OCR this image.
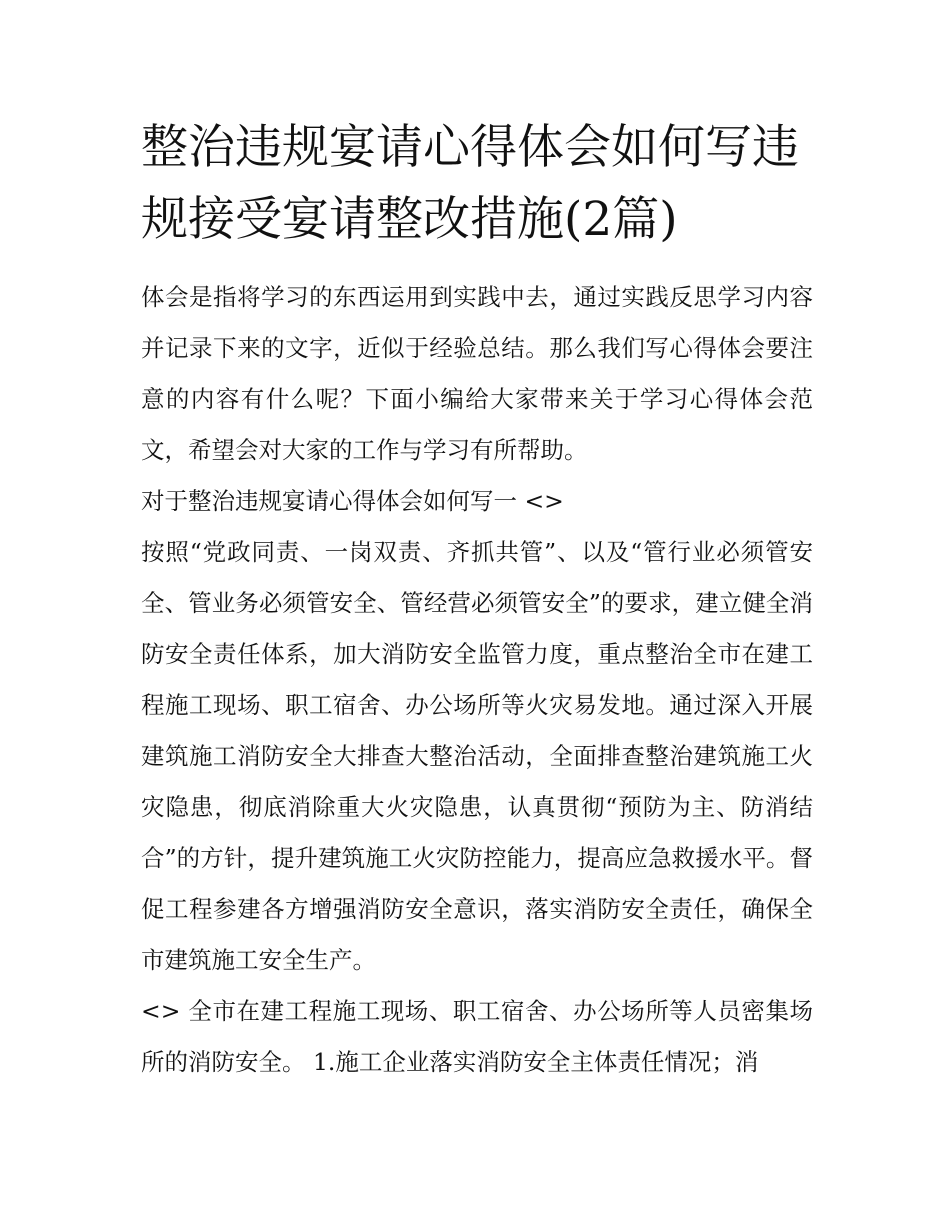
整治违规宴请心得体会如何写违规接受宴请整改措施(2篇)

体会是指将学习的东西运用到实践中去，通过实践反思学习内容并记录下来的文字，近似于经验总结。那么我们写心得体会要注意的内容有什么呢？下面小编给大家带来关于学习心得体会范文，希望会对大家的工作与学习有所帮助。

对于整治违规宴请心得体会如何写一 <>

按照“党政同责、一岗双责、齐抓共管”、以及“管行业必须管安全、管业务必须管安全、管经营必须管安全”的要求，建立健全消防安全责任体系，加大消防安全监管力度，重点整治全市在建工程施工现场、职工宿舍、办公场所等火灾易发地。通过深入开展建筑施工消防安全大排查大整治活动，全面排查整治建筑施工火灾隐患，彻底消除重大火灾隐患，认真贯彻“预防为主、防消结合”的方针，提升建筑施工火灾防控能力，提高应急救援水平。督促工程参建各方增强消防安全意识，落实消防安全责任，确保全市建筑施工安全生产。

<> 全市在建工程施工现场、职工宿舍、办公场所等人员密集场所的消防安全。 1.施工企业落实消防安全主体责任情况；消
